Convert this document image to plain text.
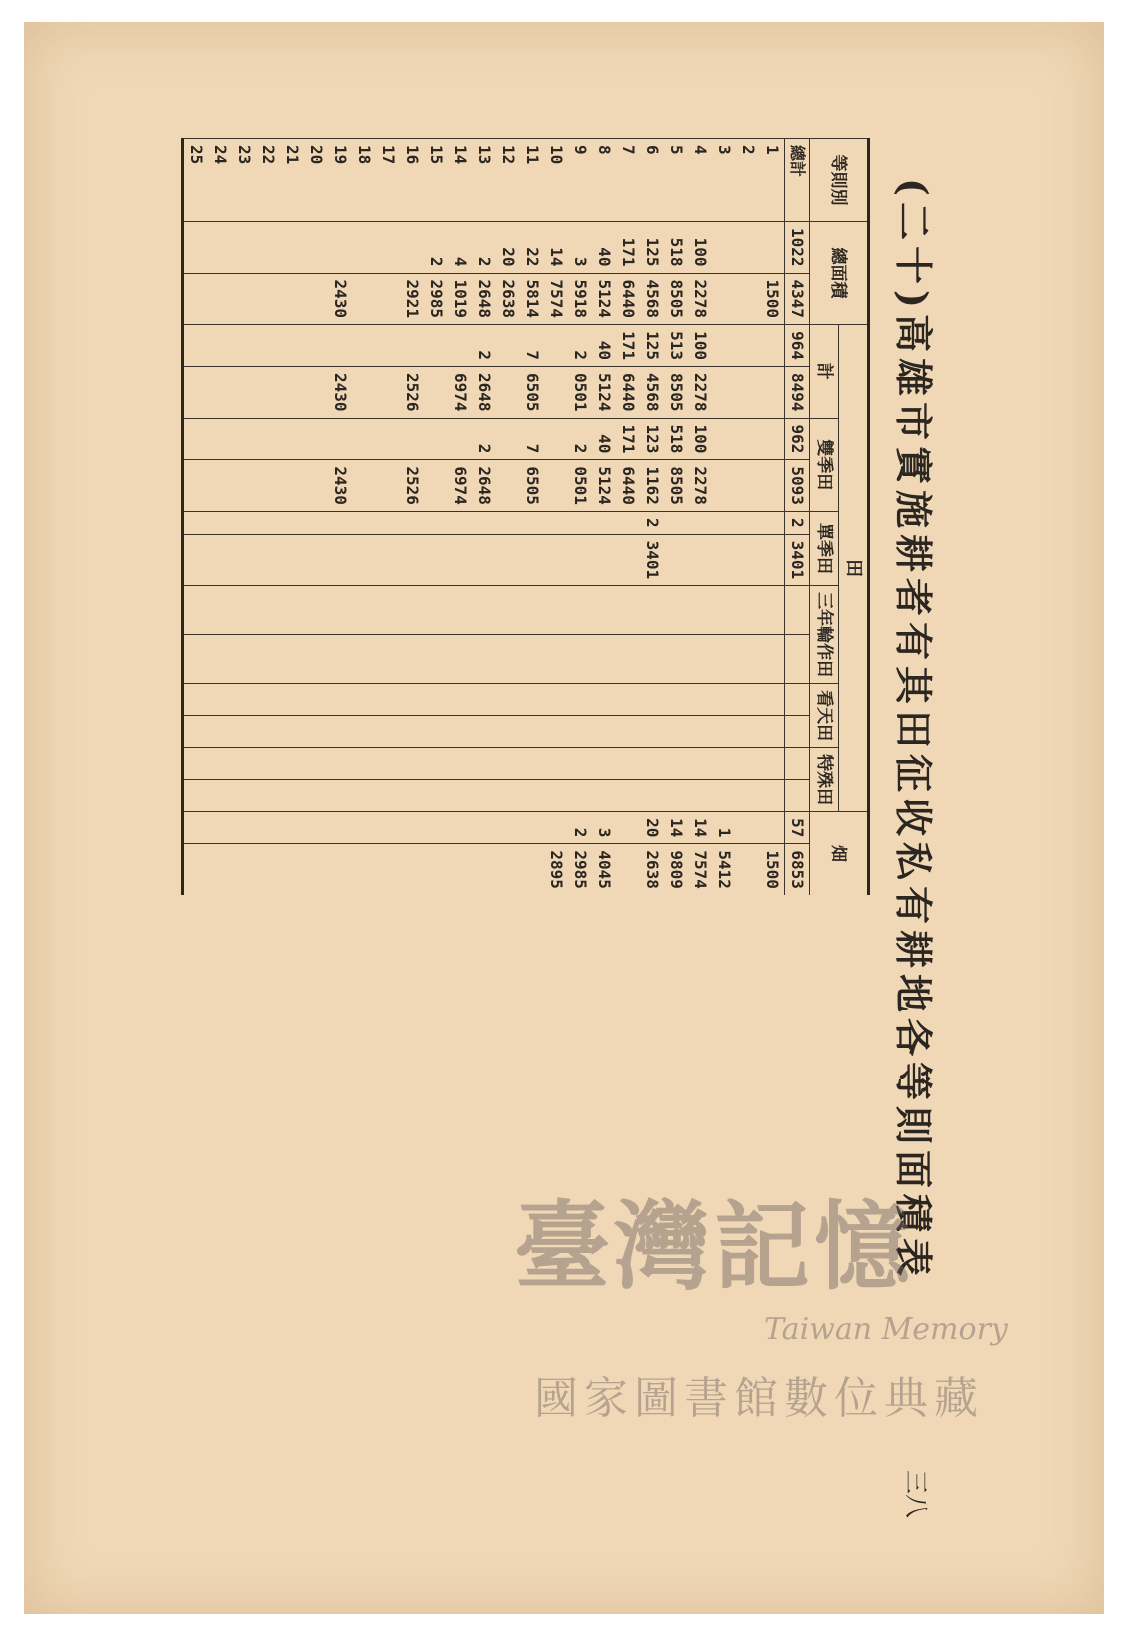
(二十)高雄市實施耕者有其田征收私有耕地各等則面積表
三八
等則別	總面積		田												畑	
			計		雙季田		單季田		三年輪作田		看天田		特殊田			
總計	1022	4347	964	8494	962	5093	2	3401							57	6853
1		1500														1500
2																
3															1	5412
4	100	2278	100	2278	100	2278									14	7574
5	518	8505	513	8505	518	8505									14	9809
6	125	4568	125	4568	123	1162	2	3401							20	2638
7	171	6440	171	6440	171	6440										
8	40	5124	40	5124	40	5124									3	4045
9	3	5918	2	0501	2	0501									2	2985
10	14	7574														2895
11	22	5814	7	6505	7	6505										
12	20	2638														
13	2	2648	2	2648	2	2648										
14	4	1019		6974		6974										
15	2	2985														
16		2921		2526		2526										
17																
18																
19		2430		2430		2430										
20																
21																
22																
23																
24																
25																
臺灣記憶
Taiwan Memory
國家圖書館數位典藏
